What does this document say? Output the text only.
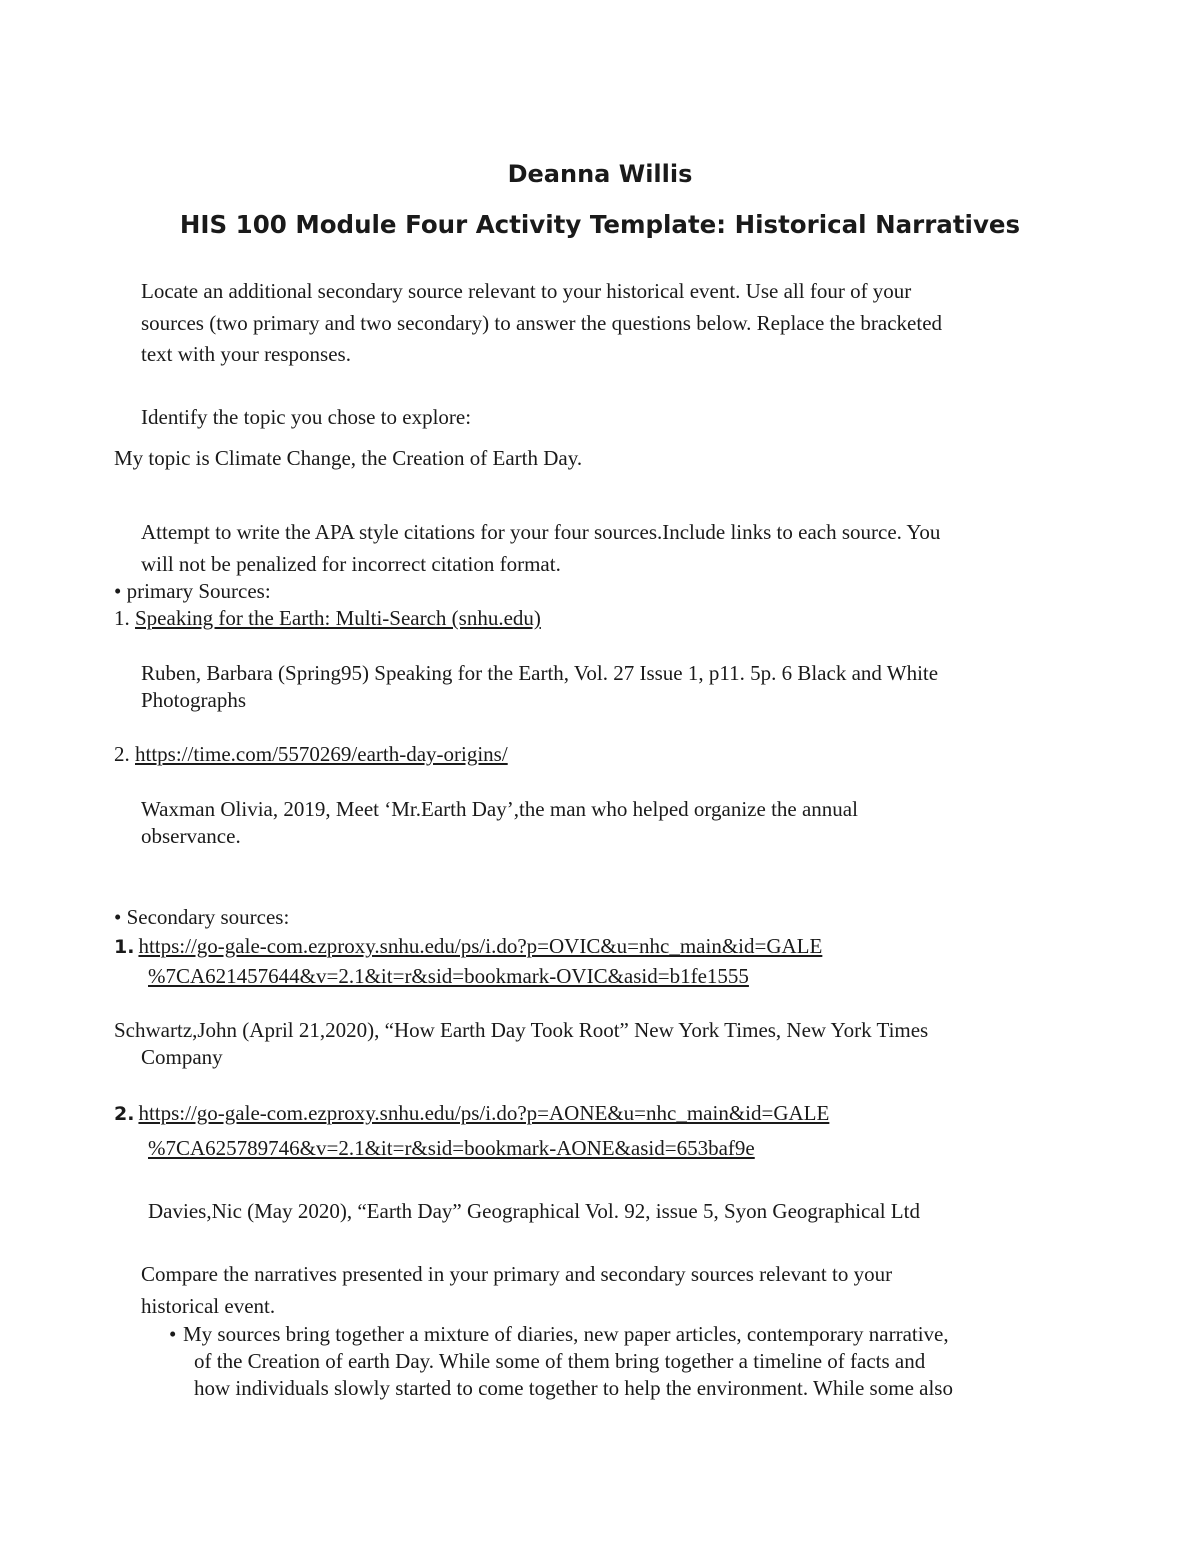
Deanna Willis

HIS 100 Module Four Activity Template: Historical Narratives

Locate an additional secondary source relevant to your historical event. Use all four of your

sources (two primary and two secondary) to answer the questions below. Replace the bracketed

text with your responses.

Identify the topic you chose to explore:

My topic is Climate Change, the Creation of Earth Day.

Attempt to write the APA style citations for your four sources.Include links to each source. You

will not be penalized for incorrect citation format.

• primary Sources:

1. Speaking for the Earth: Multi-Search (snhu.edu)

Ruben, Barbara (Spring95) Speaking for the Earth, Vol. 27 Issue 1, p11. 5p. 6 Black and White

Photographs

2. https://time.com/5570269/earth-day-origins/

Waxman Olivia, 2019, Meet ‘Mr.Earth Day’,the man who helped organize the annual

observance.

• Secondary sources:

1. https://go-gale-com.ezproxy.snhu.edu/ps/i.do?p=OVIC&u=nhc_main&id=GALE

%7CA621457644&v=2.1&it=r&sid=bookmark-OVIC&asid=b1fe1555

Schwartz,John (April 21,2020), “How Earth Day Took Root” New York Times, New York Times

Company

2. https://go-gale-com.ezproxy.snhu.edu/ps/i.do?p=AONE&u=nhc_main&id=GALE

%7CA625789746&v=2.1&it=r&sid=bookmark-AONE&asid=653baf9e

Davies,Nic (May 2020), “Earth Day” Geographical Vol. 92, issue 5, Syon Geographical Ltd

Compare the narratives presented in your primary and secondary sources relevant to your

historical event.

• My sources bring together a mixture of diaries, new paper articles, contemporary narrative,

of the Creation of earth Day. While some of them bring together a timeline of facts and

how individuals slowly started to come together to help the environment. While some also
